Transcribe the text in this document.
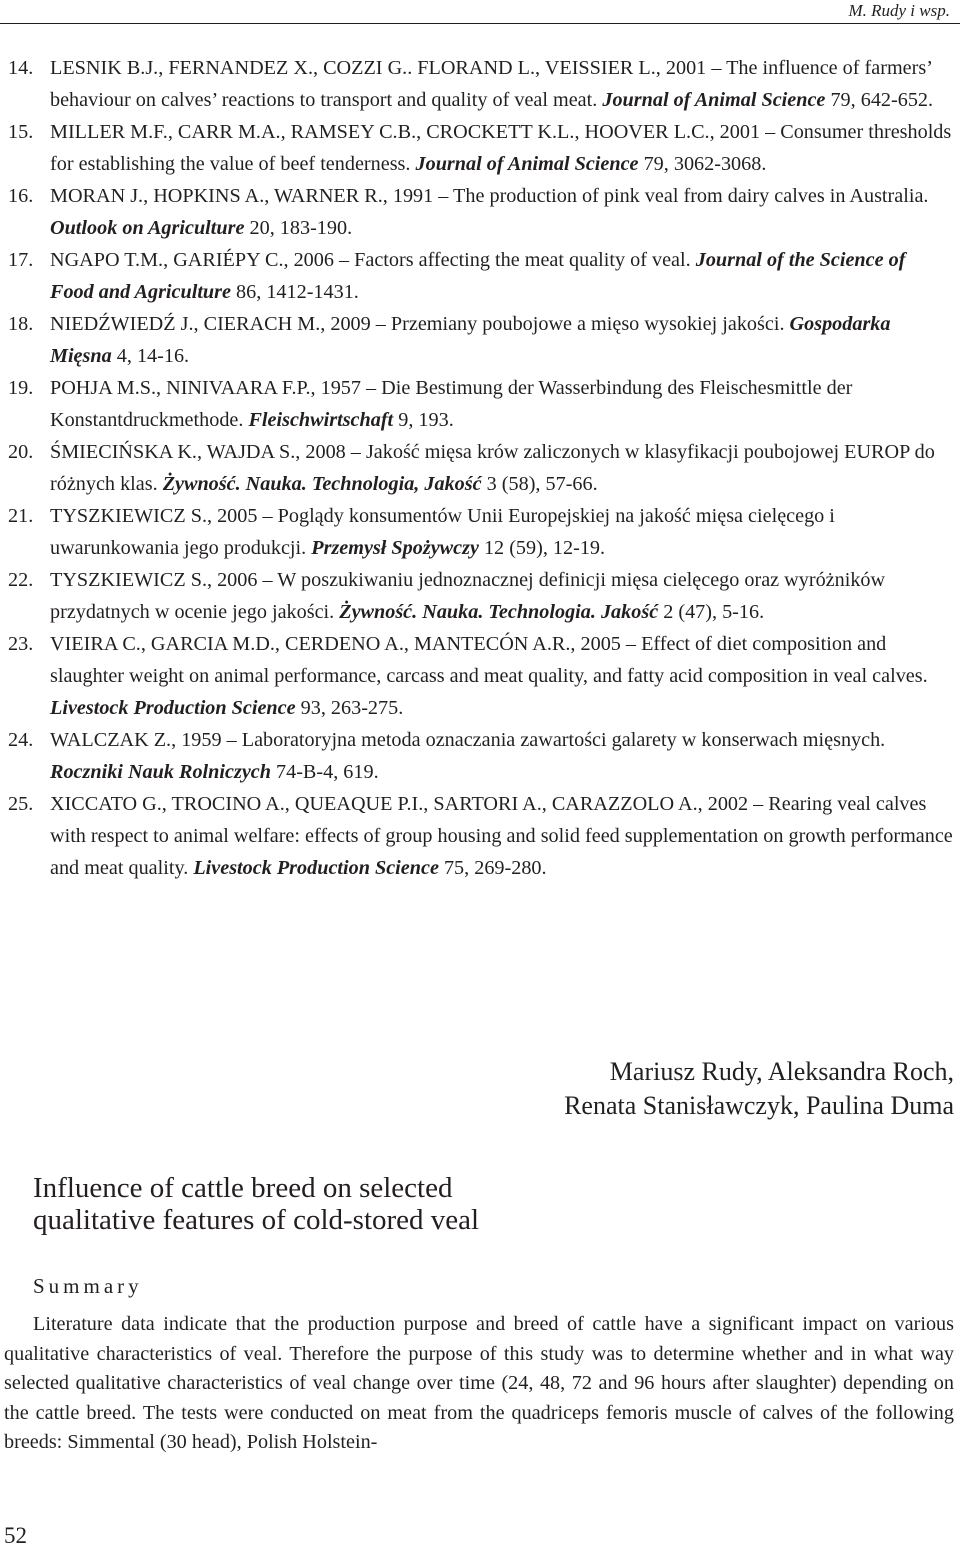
M. Rudy i wsp.

14. LESNIK B.J., FERNANDEZ X., COZZI G.. FLORAND L., VEISSIER L., 2001 – The influence of farmers’ behaviour on calves’ reactions to transport and quality of veal meat. Journal of Animal Science 79, 642-652.

15. MILLER M.F., CARR M.A., RAMSEY C.B., CROCKETT K.L., HOOVER L.C., 2001 – Consumer thresholds for establishing the value of beef tenderness. Journal of Animal Science 79, 3062-3068.

16. MORAN J., HOPKINS A., WARNER R., 1991 – The production of pink veal from dairy calves in Australia. Outlook on Agriculture 20, 183-190.

17. NGAPO T.M., GARIÉPY C., 2006 – Factors affecting the meat quality of veal. Journal of the Science of Food and Agriculture 86, 1412-1431.

18. NIEDŹWIEDŹ J., CIERACH M., 2009 – Przemiany poubojowe a mięso wysokiej jakości. Gospodarka Mięsna 4, 14-16.

19. POHJA M.S., NINIVAARA F.P., 1957 – Die Bestimung der Wasserbindung des Fleischesmittle der Konstantdruckmethode. Fleischwirtschaft 9, 193.

20. ŚMIECIŃSKA K., WAJDA S., 2008 – Jakość mięsa krów zaliczonych w klasyfikacji poubojowej EUROP do różnych klas. Żywność. Nauka. Technologia, Jakość 3 (58), 57-66.

21. TYSZKIEWICZ S., 2005 – Poglądy konsumentów Unii Europejskiej na jakość mięsa cielęcego i uwarunkowania jego produkcji. Przemysł Spożywczy 12 (59), 12-19.

22. TYSZKIEWICZ S., 2006 – W poszukiwaniu jednoznacznej definicji mięsa cielęcego oraz wyróżników przydatnych w ocenie jego jakości. Żywność. Nauka. Technologia. Jakość 2 (47), 5-16.

23. VIEIRA C., GARCIA M.D., CERDENO A., MANTECÓN A.R., 2005 – Effect of diet composition and slaughter weight on animal performance, carcass and meat quality, and fatty acid composition in veal calves. Livestock Production Science 93, 263-275.

24. WALCZAK Z., 1959 – Laboratoryjna metoda oznaczania zawartości galarety w konserwach mięsnych. Roczniki Nauk Rolniczych 74-B-4, 619.

25. XICCATO G., TROCINO A., QUEAQUE P.I., SARTORI A., CARAZZOLO A., 2002 – Rearing veal calves with respect to animal welfare: effects of group housing and solid feed supplementation on growth performance and meat quality. Livestock Production Science 75, 269-280.

Mariusz Rudy, Aleksandra Roch,
Renata Stanisławczyk, Paulina Duma
Influence of cattle breed on selected
qualitative features of cold-stored veal
Summary
Literature data indicate that the production purpose and breed of cattle have a significant impact on various qualitative characteristics of veal. Therefore the purpose of this study was to determine whether and in what way selected qualitative characteristics of veal change over time (24, 48, 72 and 96 hours after slaughter) depending on the cattle breed. The tests were conducted on meat from the quadriceps femoris muscle of calves of the following breeds: Simmental (30 head), Polish Holstein-
52
